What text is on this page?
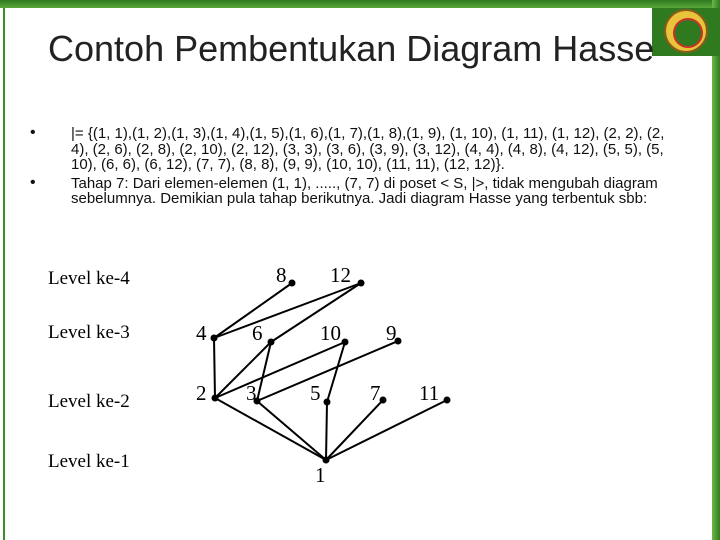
Contoh Pembentukan Diagram Hasse
• |= {(1, 1),(1, 2),(1, 3),(1, 4),(1, 5),(1, 6),(1, 7),(1, 8),(1, 9), (1, 10), (1, 11), (1, 12), (2, 2), (2, 4), (2, 6), (2, 8), (2, 10), (2, 12), (3, 3), (3, 6), (3, 9), (3, 12), (4, 4), (4, 8), (4, 12), (5, 5), (5, 10), (6, 6), (6, 12), (7, 7), (8, 8), (9, 9), (10, 10), (11, 11), (12, 12)}.
• Tahap 7: Dari elemen-elemen (1, 1), ....., (7, 7) di poset < S, |>, tidak mengubah diagram sebelumnya. Demikian pula tahap berikutnya. Jadi diagram Hasse yang terbentuk sbb:
Level ke-4
Level ke-3
Level ke-2
Level ke-1
8 12
4 6	10 9
2 3	5 7 11
1
